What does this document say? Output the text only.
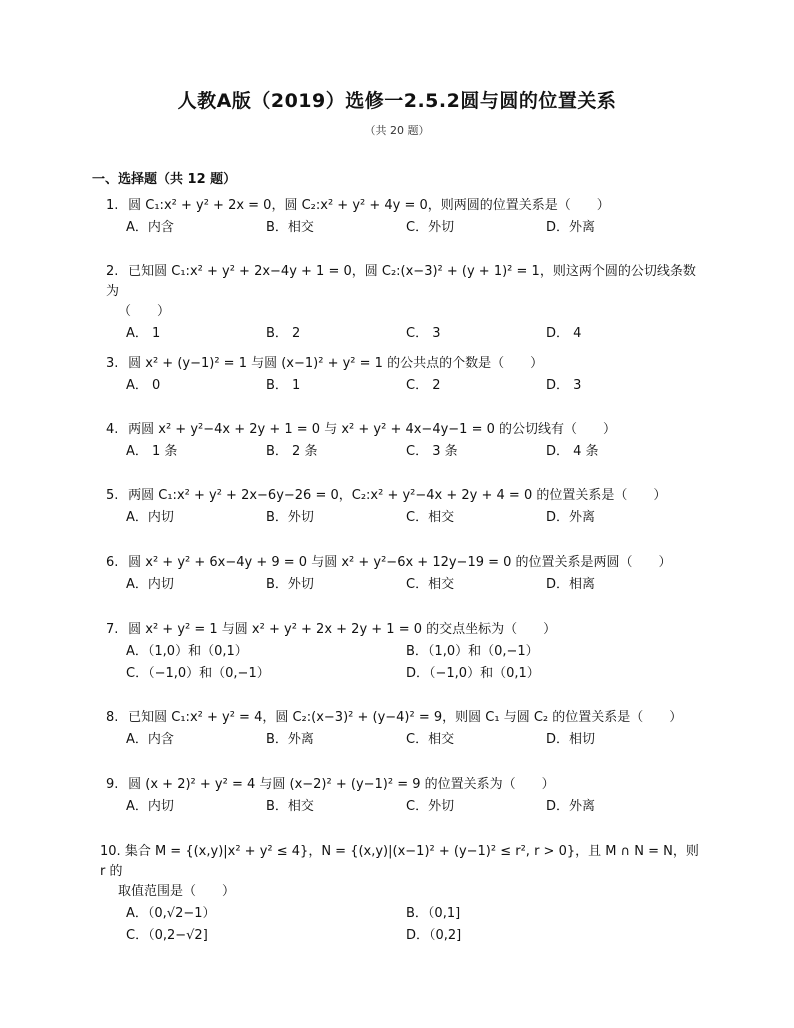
人教A版（2019）选修一2.5.2圆与圆的位置关系
（共 20 题）
一、选择题（共 12 题）
1. 圆 C₁:x² + y² + 2x = 0，圆 C₂:x² + y² + 4y = 0，则两圆的位置关系是（　　）
A．内含	B．相交	C．外切	D．外离
2. 已知圆 C₁:x² + y² + 2x−4y + 1 = 0，圆 C₂:(x−3)² + (y + 1)² = 1，则这两个圆的公切线条数为
（　　）
A． 1	B． 2	C． 3	D． 4
3. 圆 x² + (y−1)² = 1 与圆 (x−1)² + y² = 1 的公共点的个数是（　　）
A． 0	B． 1	C． 2	D． 3
4. 两圆 x² + y²−4x + 2y + 1 = 0 与 x² + y² + 4x−4y−1 = 0 的公切线有（　　）
A． 1 条	B． 2 条	C． 3 条	D． 4 条
5. 两圆 C₁:x² + y² + 2x−6y−26 = 0，C₂:x² + y²−4x + 2y + 4 = 0 的位置关系是（　　）
A．内切	B．外切	C．相交	D．外离
6. 圆 x² + y² + 6x−4y + 9 = 0 与圆 x² + y²−6x + 12y−19 = 0 的位置关系是两圆（　　）
A．内切	B．外切	C．相交	D．相离
7. 圆 x² + y² = 1 与圆 x² + y² + 2x + 2y + 1 = 0 的交点坐标为（　　）
A．（1,0）和（0,1）	B．（1,0）和（0,−1）
C．（−1,0）和（0,−1）	D．（−1,0）和（0,1）
8. 已知圆 C₁:x² + y² = 4，圆 C₂:(x−3)² + (y−4)² = 9，则圆 C₁ 与圆 C₂ 的位置关系是（　　）
A．内含	B．外离	C．相交	D．相切
9. 圆 (x + 2)² + y² = 4 与圆 (x−2)² + (y−1)² = 9 的位置关系为（　　）
A．内切	B．相交	C．外切	D．外离
10. 集合 M = {(x,y)|x² + y² ≤ 4}，N = {(x,y)|(x−1)² + (y−1)² ≤ r², r > 0}，且 M ∩ N = N，则 r 的
取值范围是（　　）
A．（0,√2−1）	B．（0,1]
C．（0,2−√2]	D．（0,2]
